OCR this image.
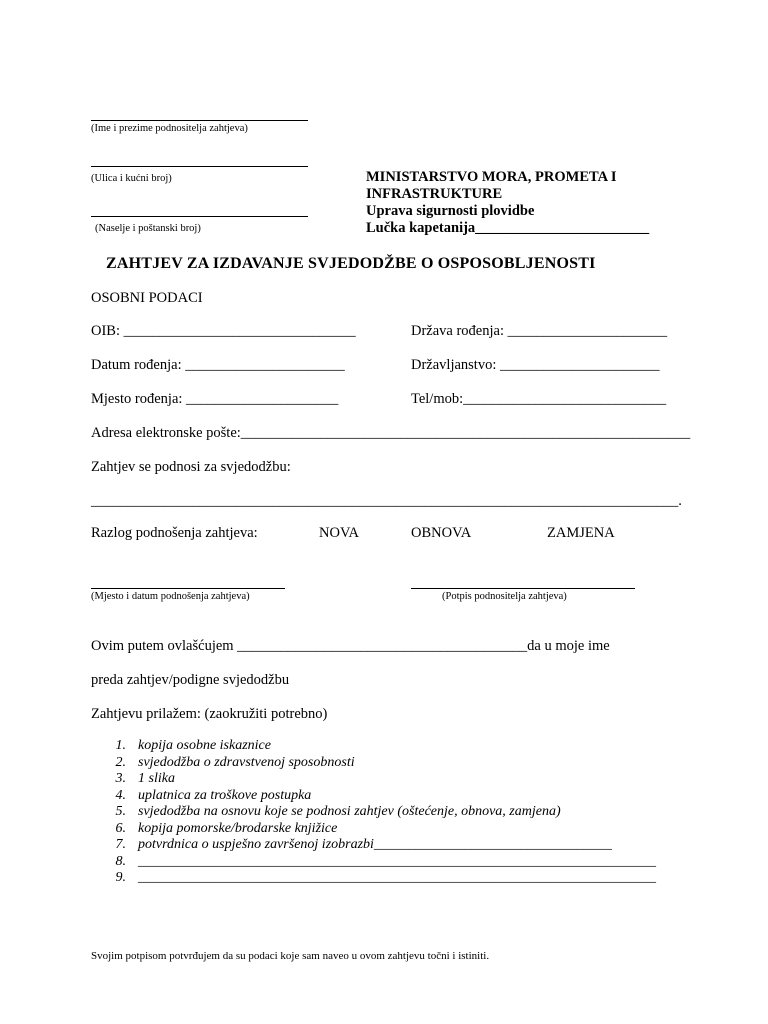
(Ime i prezime podnositelja zahtjeva)
(Ulica i kućni broj)
(Naselje i poštanski broj)
MINISTARSTVO MORA, PROMETA I
INFRASTRUKTURE
Uprava sigurnosti plovidbe
Lučka kapetanija________________________
ZAHTJEV ZA IZDAVANJE SVJEDODŽBE O OSPOSOBLJENOSTI
OSOBNI PODACI
OIB: ________________________________	Država rođenja: ______________________
Datum rođenja: ______________________	Državljanstvo: ______________________
Mjesto rođenja: _____________________	Tel/mob:____________________________
Adresa elektronske pošte:______________________________________________________________
Zahtjev se podnosi za svjedodžbu:
_________________________________________________________________________________.
Razlog podnošenja zahtjeva:	NOVA	OBNOVA	ZAMJENA
(Mjesto i datum podnošenja zahtjeva)	(Potpis podnositelja zahtjeva)
Ovim putem ovlašćujem ________________________________________da u moje ime
preda zahtjev/podigne svjedodžbu
Zahtjevu prilažem: (zaokružiti potrebno)
1. kopija osobne iskaznice
2. svjedodžba o zdravstvenoj sposobnosti
3. 1 slika
4. uplatnica za troškove postupka
5. svjedodžba na osnovu koje se podnosi zahtjev (oštećenje, obnova, zamjena)
6. kopija pomorske/brodarske knjižice
7. potvrdnica o uspješno završenoj izobrazbi__________________________________
8. __________________________________________________________________________
9. __________________________________________________________________________
Svojim potpisom potvrđujem da su podaci koje sam naveo u ovom zahtjevu točni i istiniti.
